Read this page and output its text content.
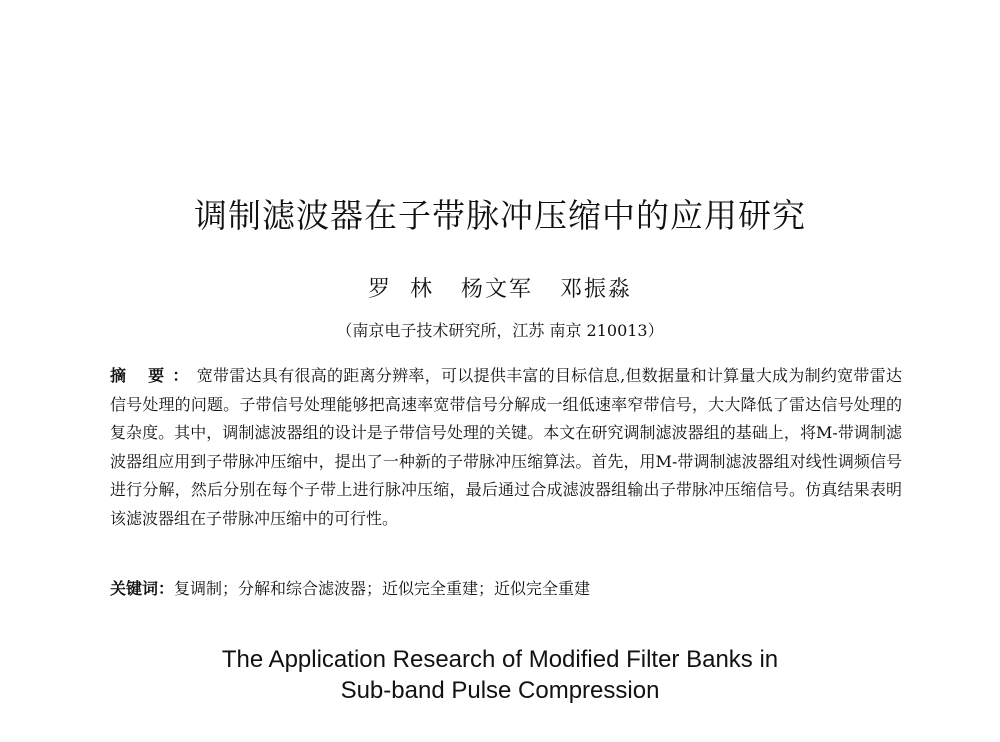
调制滤波器在子带脉冲压缩中的应用研究
罗  林   杨文军   邓振淼
（南京电子技术研究所，江苏 南京 210013）
摘 要：宽带雷达具有很高的距离分辨率，可以提供丰富的目标信息,但数据量和计算量大成为制约宽带雷达信号处理的问题。子带信号处理能够把高速率宽带信号分解成一组低速率窄带信号，大大降低了雷达信号处理的复杂度。其中，调制滤波器组的设计是子带信号处理的关键。本文在研究调制滤波器组的基础上，将M-带调制滤波器组应用到子带脉冲压缩中，提出了一种新的子带脉冲压缩算法。首先，用M-带调制滤波器组对线性调频信号进行分解，然后分别在每个子带上进行脉冲压缩，最后通过合成滤波器组输出子带脉冲压缩信号。仿真结果表明该滤波器组在子带脉冲压缩中的可行性。
关键词：复调制；分解和综合滤波器；近似完全重建；近似完全重建
The Application Research of Modified Filter Banks in
Sub-band Pulse Compression
